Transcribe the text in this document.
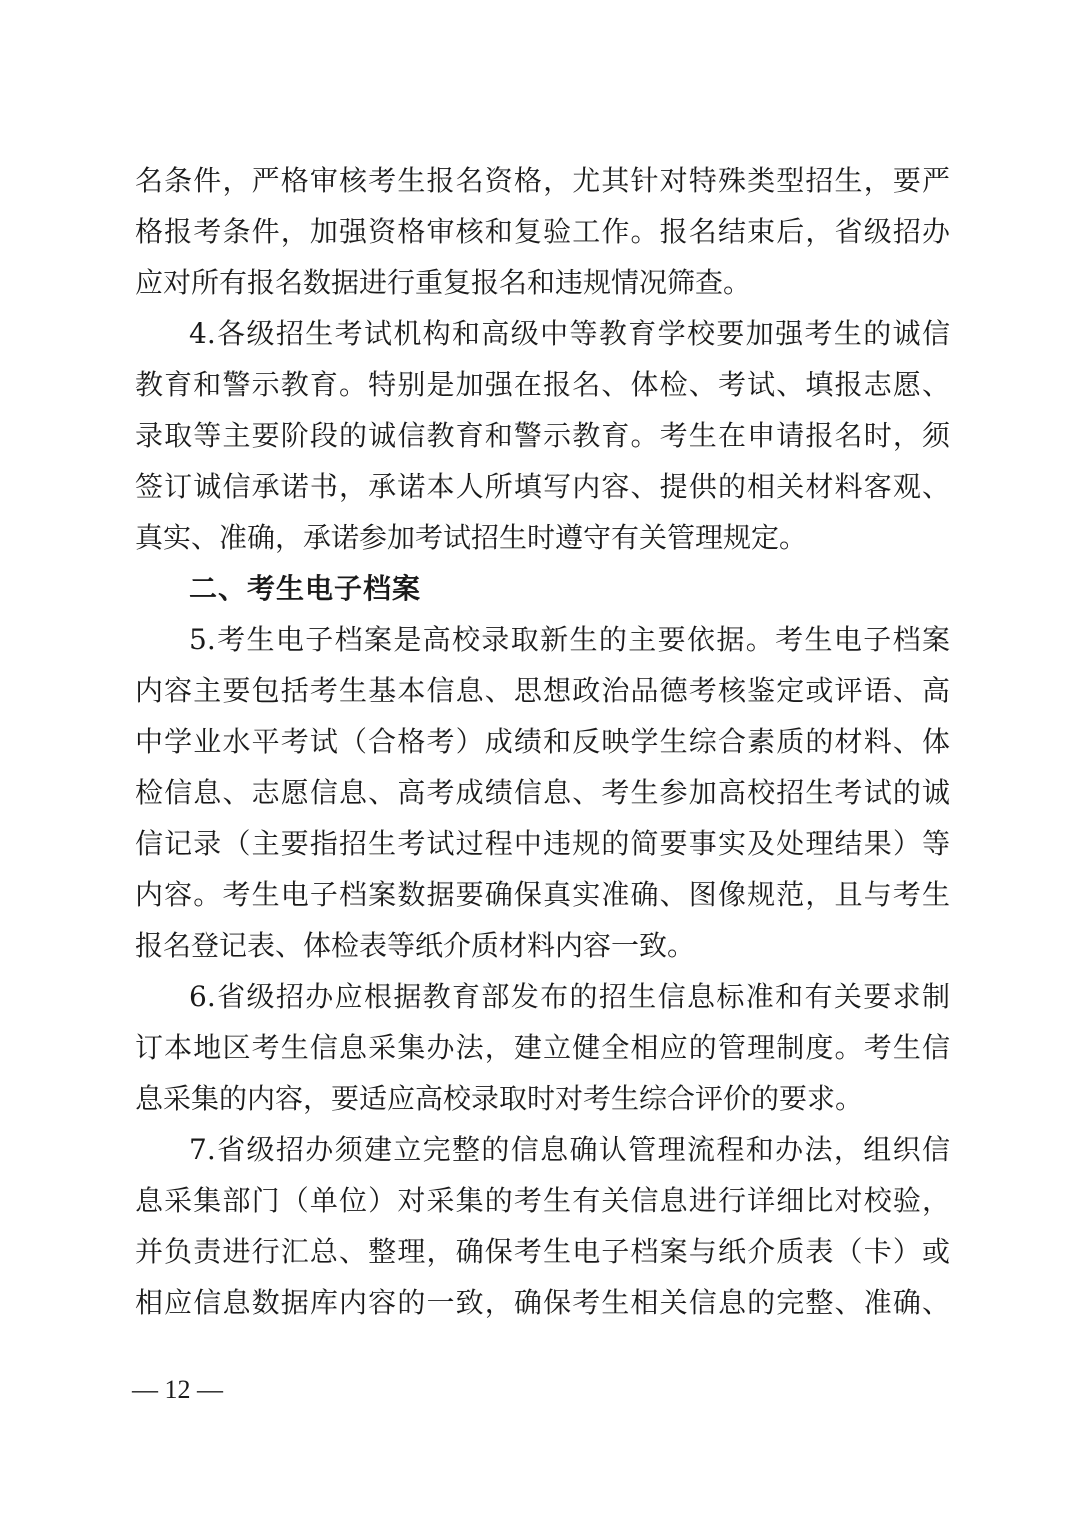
名条件，严格审核考生报名资格，尤其针对特殊类型招生，要严
格报考条件，加强资格审核和复验工作。报名结束后，省级招办
应对所有报名数据进行重复报名和违规情况筛查。
4.各级招生考试机构和高级中等教育学校要加强考生的诚信
教育和警示教育。特别是加强在报名、体检、考试、填报志愿、
录取等主要阶段的诚信教育和警示教育。考生在申请报名时，须
签订诚信承诺书，承诺本人所填写内容、提供的相关材料客观、
真实、准确，承诺参加考试招生时遵守有关管理规定。
二、考生电子档案
5.考生电子档案是高校录取新生的主要依据。考生电子档案
内容主要包括考生基本信息、思想政治品德考核鉴定或评语、高
中学业水平考试（合格考）成绩和反映学生综合素质的材料、体
检信息、志愿信息、高考成绩信息、考生参加高校招生考试的诚
信记录（主要指招生考试过程中违规的简要事实及处理结果）等
内容。考生电子档案数据要确保真实准确、图像规范，且与考生
报名登记表、体检表等纸介质材料内容一致。
6.省级招办应根据教育部发布的招生信息标准和有关要求制
订本地区考生信息采集办法，建立健全相应的管理制度。考生信
息采集的内容，要适应高校录取时对考生综合评价的要求。
7.省级招办须建立完整的信息确认管理流程和办法，组织信
息采集部门（单位）对采集的考生有关信息进行详细比对校验，
并负责进行汇总、整理，确保考生电子档案与纸介质表（卡）或
相应信息数据库内容的一致，确保考生相关信息的完整、准确、
— 12 —
